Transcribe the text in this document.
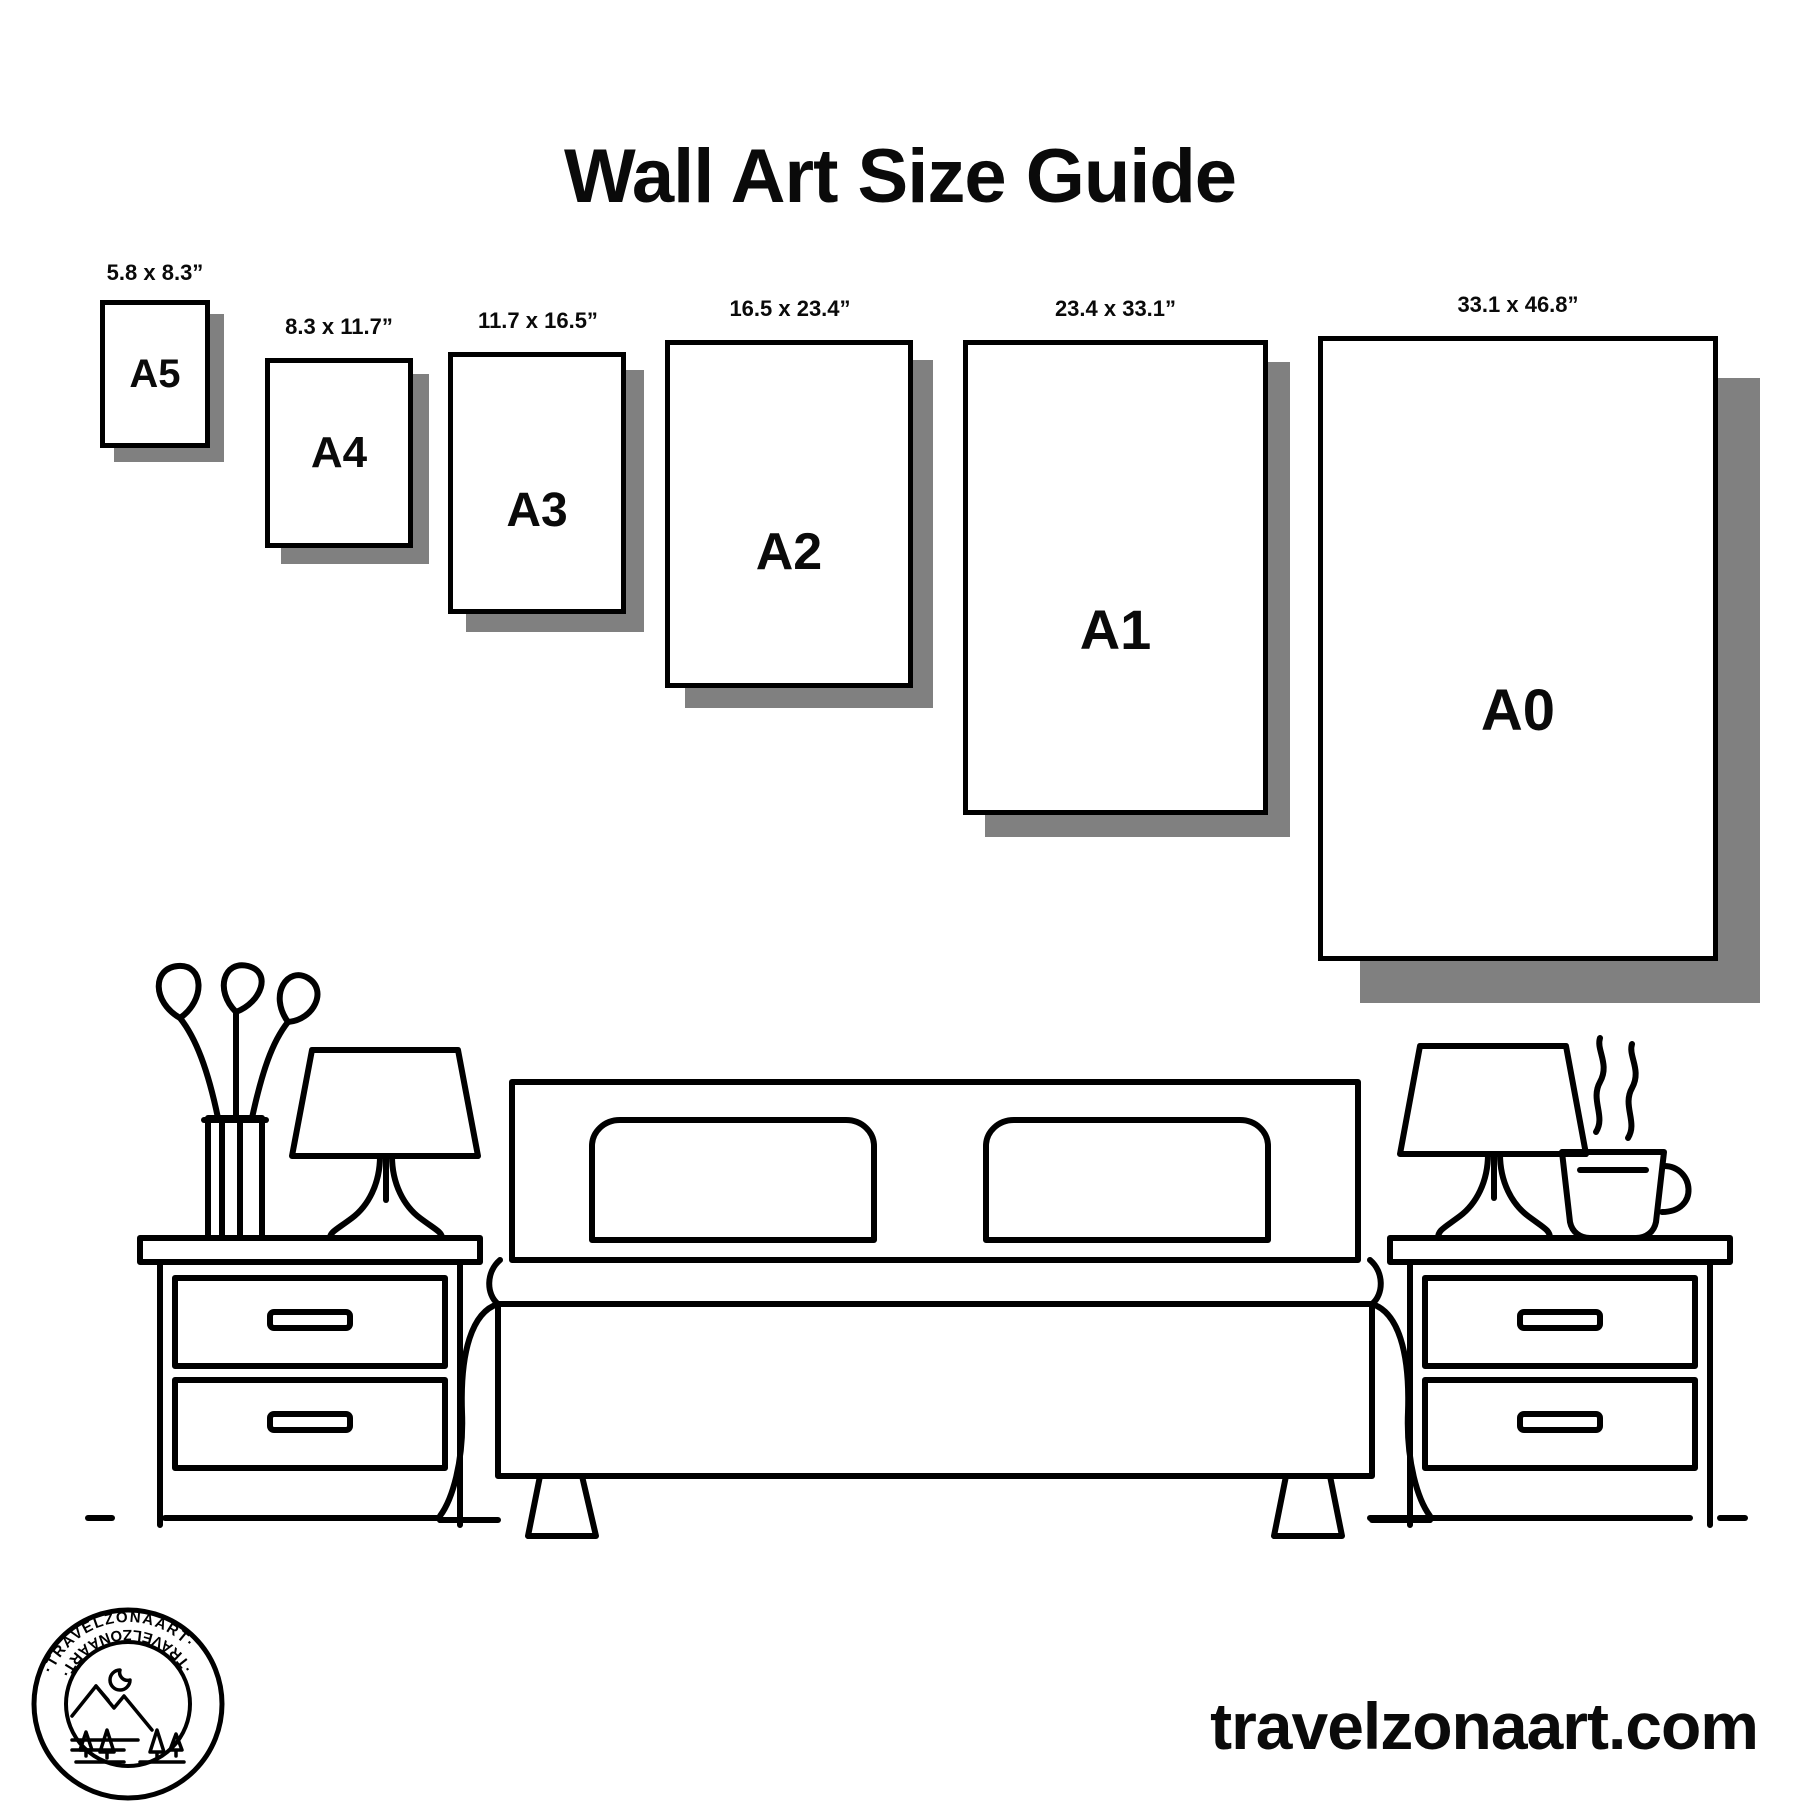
Wall Art Size Guide
5.8 x 8.3”
A5
8.3 x 11.7”
A4
11.7 x 16.5”
A3
16.5 x 23.4”
A2
23.4 x 33.1”
A1
33.1 x 46.8”
A0
·TRAVELZONAART·
·TRAVELZONAART·
travelzonaart.com
